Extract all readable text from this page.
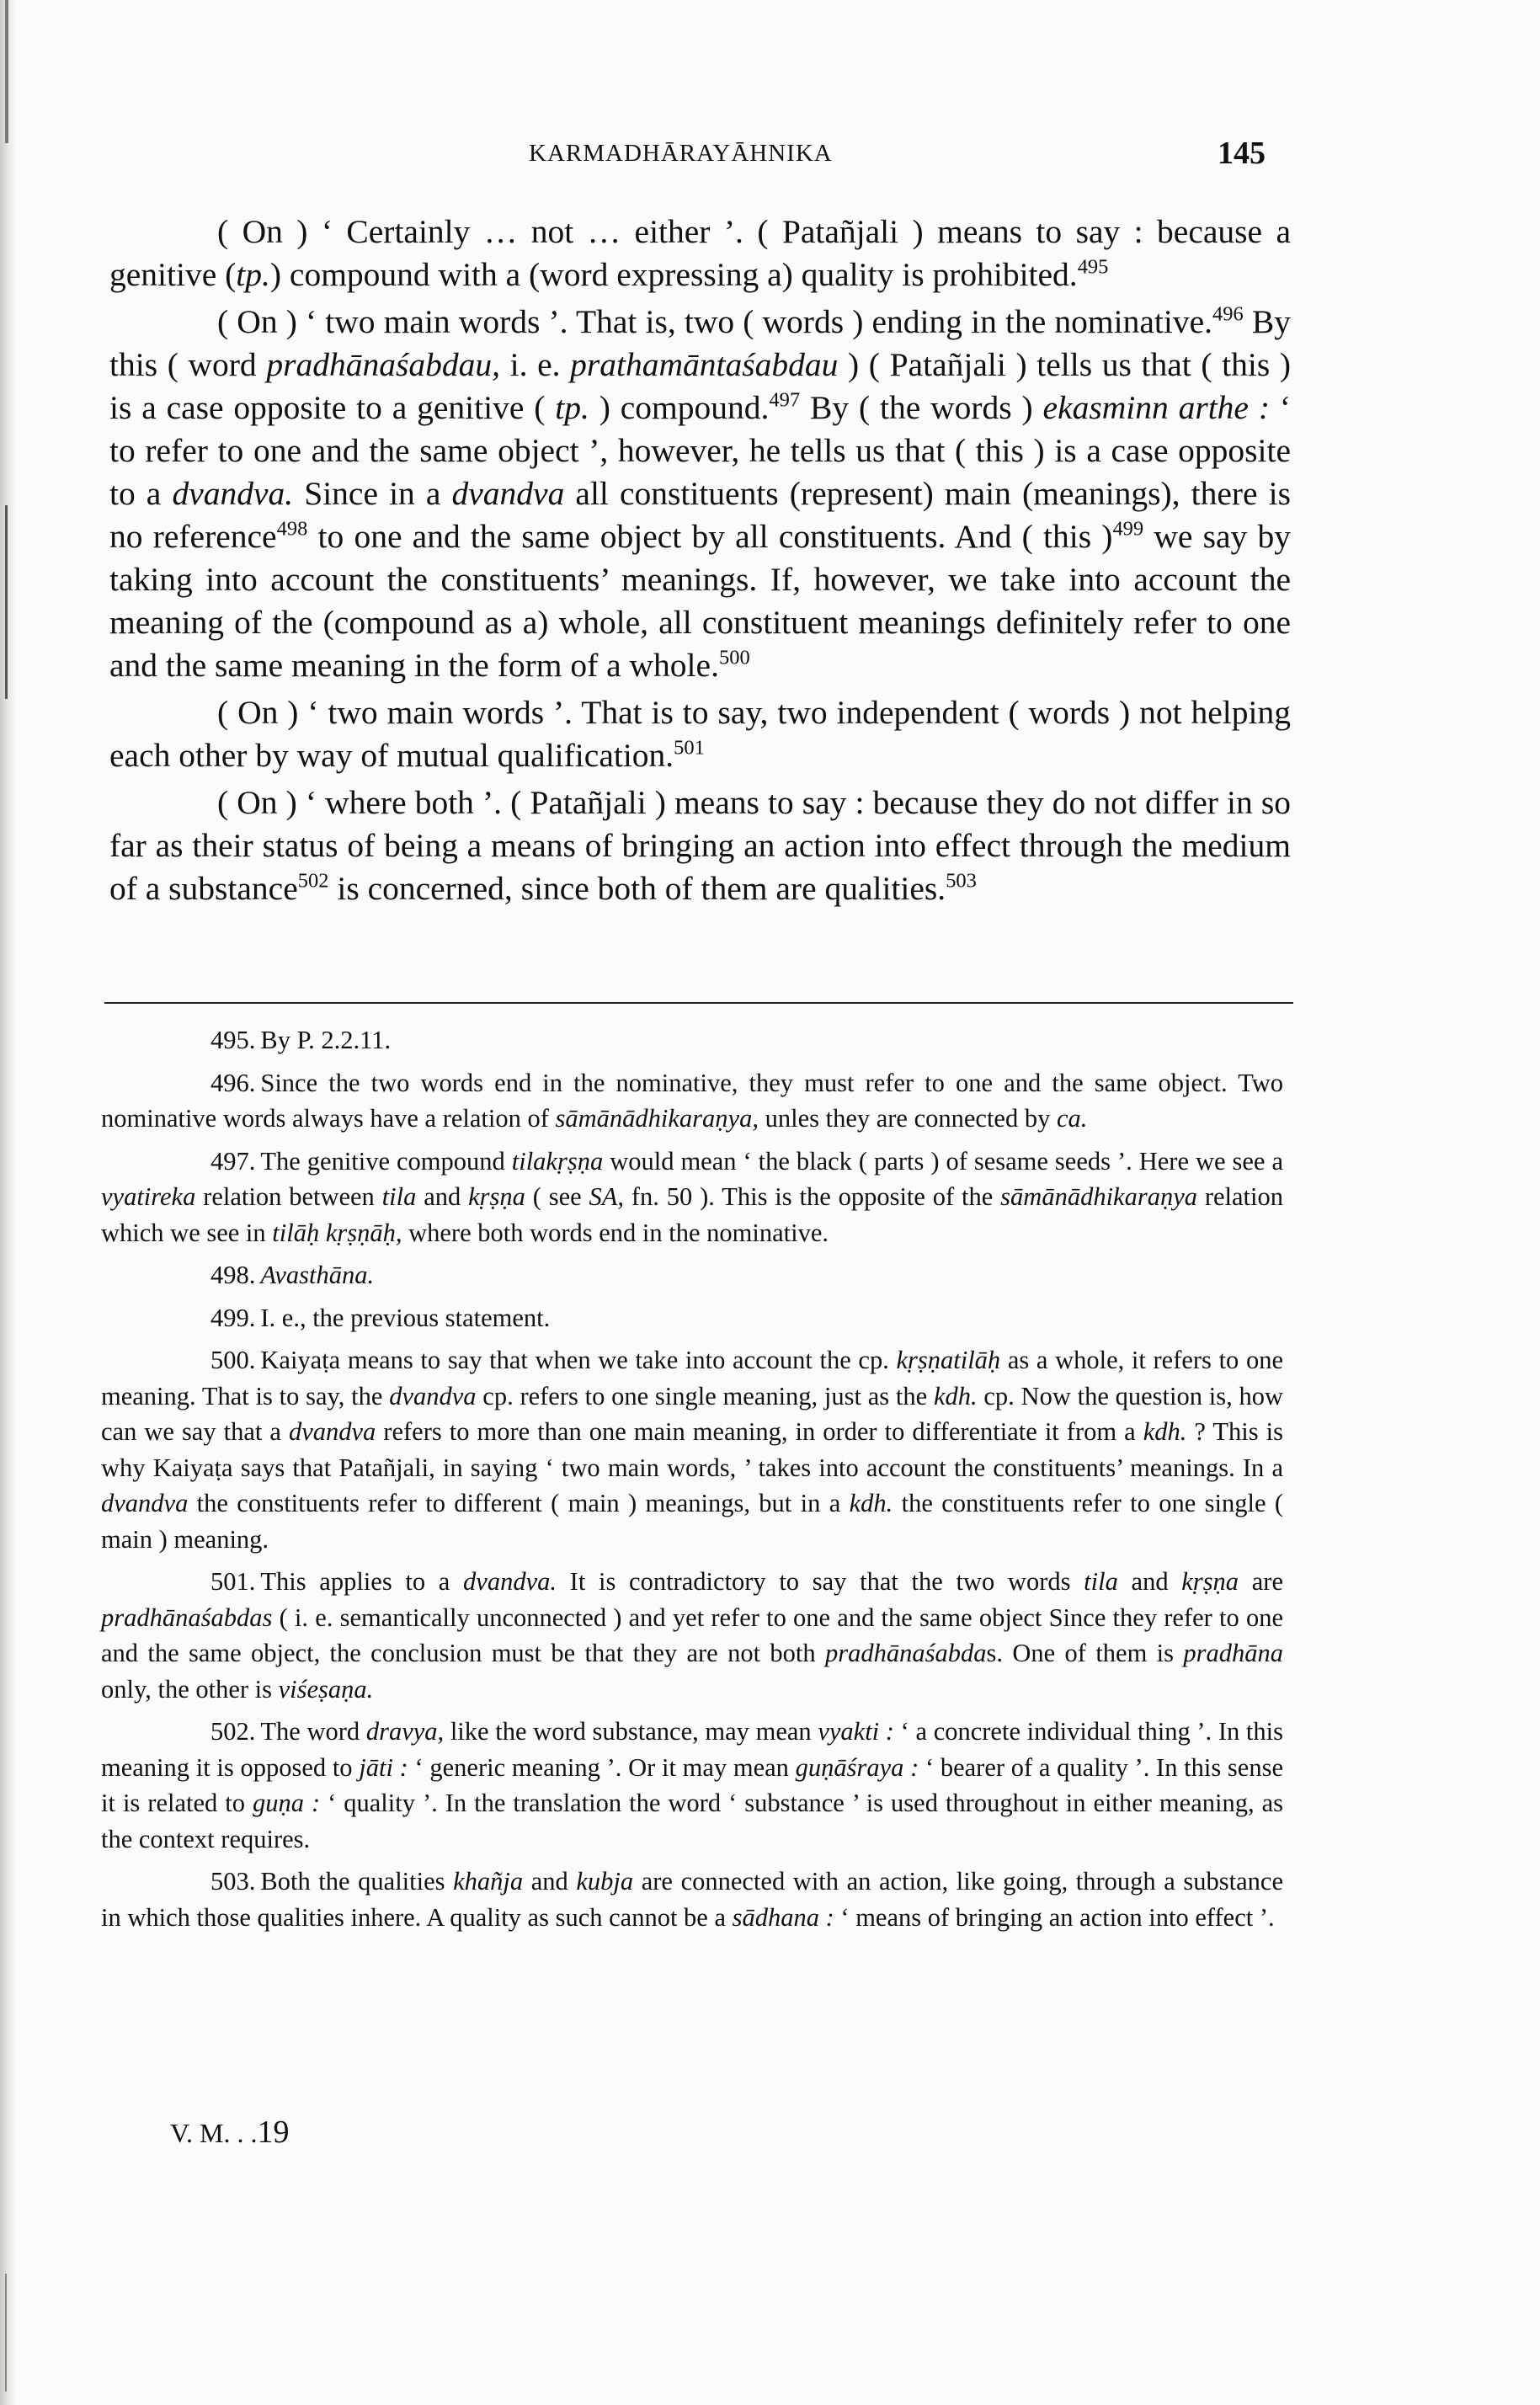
KARMADHĀRAYĀHNIKA	145

( On ) ‘ Certainly … not … either ’. ( Patañjali ) means to say : because a genitive (tp.) compound with a (word expressing a) quality is prohibited.$^{495}$

( On ) ‘ two main words ’. That is, two ( words ) ending in the nominative.$^{496}$ By this ( word pradhānaśabdau, i. e. prathamāntaśabdau ) ( Patañjali ) tells us that ( this ) is a case opposite to a genitive ( tp. ) compound.$^{497}$ By ( the words ) ekasminn arthe : ‘ to refer to one and the same object ’, however, he tells us that ( this ) is a case opposite to a dvandva. Since in a dvandva all constituents (represent) main (meanings), there is no reference$^{498}$ to one and the same object by all constituents. And ( this )$^{499}$ we say by taking into account the constituents’ meanings. If, however, we take into account the meaning of the (compound as a) whole, all constituent meanings definitely refer to one and the same meaning in the form of a whole.$^{500}$

( On ) ‘ two main words ’. That is to say, two independent ( words ) not helping each other by way of mutual qualification.$^{501}$

( On ) ‘ where both ’. ( Patañjali ) means to say : because they do not differ in so far as their status of being a means of bringing an action into effect through the medium of a substance$^{502}$ is concerned, since both of them are qualities.$^{503}$

495. By P. 2.2.11.
496. Since the two words end in the nominative, they must refer to one and the same object. Two nominative words always have a relation of sāmānādhikaraṇya, unles they are connected by ca.
497. The genitive compound tilakṛṣṇa would mean ‘ the black ( parts ) of sesame seeds ’. Here we see a vyatireka relation between tila and kṛṣṇa ( see SA, fn. 50 ). This is the opposite of the sāmānādhikaraṇya relation which we see in tilāḥ kṛṣṇāḥ, where both words end in the nominative.
498. Avasthāna.
499. I. e., the previous statement.
500. Kaiyaṭa means to say that when we take into account the cp. kṛṣṇatilāḥ as a whole, it refers to one meaning. That is to say, the dvandva cp. refers to one single meaning, just as the kdh. cp. Now the question is, how can we say that a dvandva refers to more than one main meaning, in order to differentiate it from a kdh. ? This is why Kaiyaṭa says that Patañjali, in saying ‘ two main words, ’ takes into account the constituents’ meanings. In a dvandva the constituents refer to different ( main ) meanings, but in a kdh. the constituents refer to one single ( main ) meaning.
501. This applies to a dvandva. It is contradictory to say that the two words tila and kṛṣṇa are pradhānaśabdas ( i. e. semantically unconnected ) and yet refer to one and the same object Since they refer to one and the same object, the conclusion must be that they are not both pradhānaśabdas. One of them is pradhāna only, the other is viśeṣaṇa.
502. The word dravya, like the word substance, may mean vyakti : ‘ a concrete individual thing ’. In this meaning it is opposed to jāti : ‘ generic meaning ’. Or it may mean guṇāśraya : ‘ bearer of a quality ’. In this sense it is related to guṇa : ‘ quality ’. In the translation the word ‘ substance ’ is used throughout in either meaning, as the context requires.
503. Both the qualities khañja and kubja are connected with an action, like going, through a substance in which those qualities inhere. A quality as such cannot be a sādhana : ‘ means of bringing an action into effect ’.
V. M. . .19
